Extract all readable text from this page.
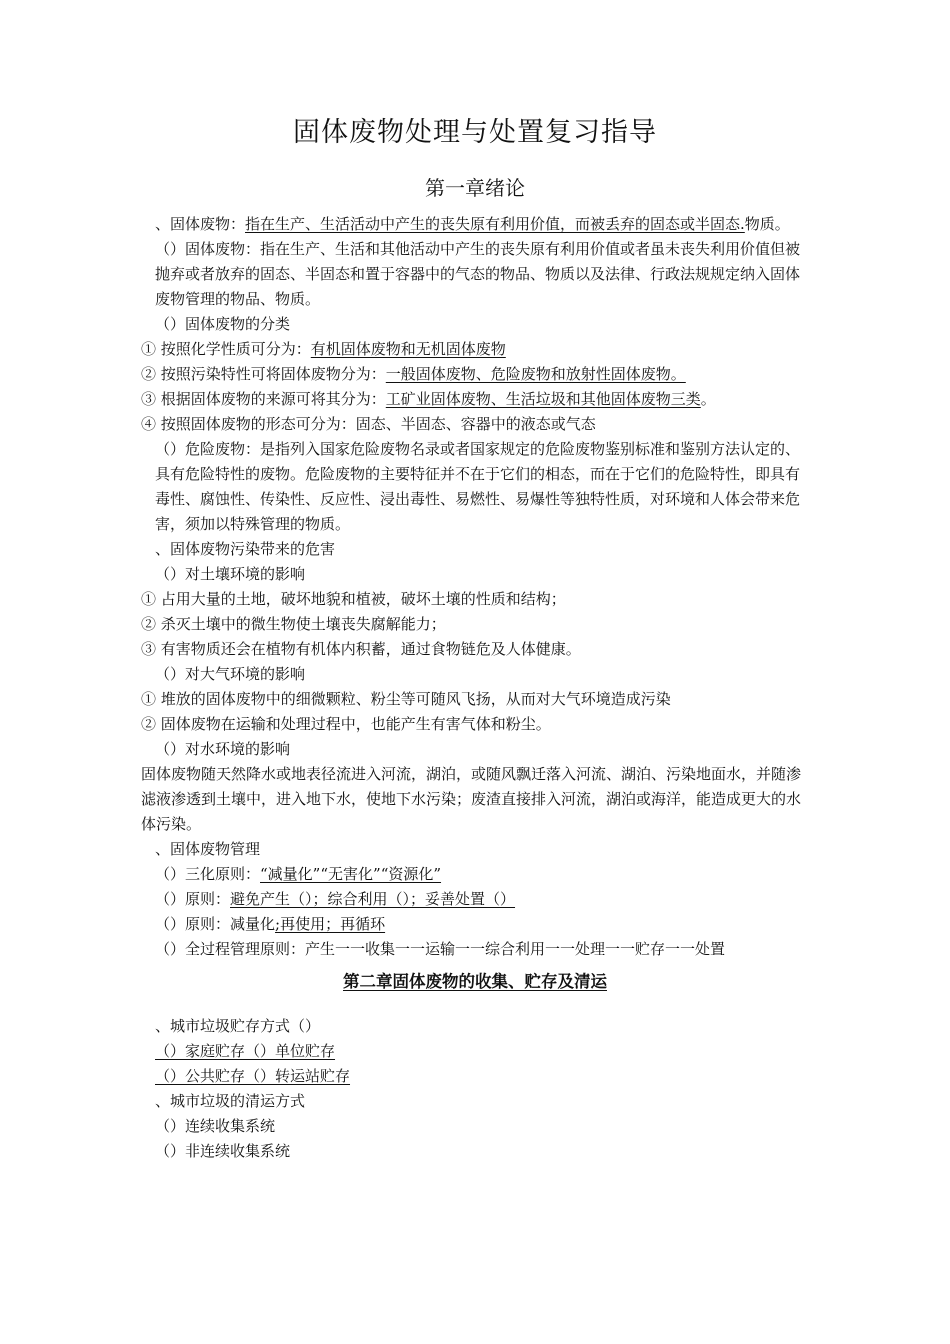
固体废物处理与处置复习指导
第一章绪论

、固体废物：指在生产、生活活动中产生的丧失原有利用价值，而被丢弃的固态或半固态.物质。

（）固体废物：指在生产、生活和其他活动中产生的丧失原有利用价值或者虽未丧失利用价值但被抛弃或者放弃的固态、半固态和置于容器中的气态的物品、物质以及法律、行政法规规定纳入固体废物管理的物品、物质。

（）固体废物的分类

① 按照化学性质可分为：有机固体废物和无机固体废物

② 按照污染特性可将固体废物分为：一般固体废物、危险废物和放射性固体废物。

③ 根据固体废物的来源可将其分为：工矿业固体废物、生活垃圾和其他固体废物三类。

④ 按照固体废物的形态可分为：固态、半固态、容器中的液态或气态

（）危险废物：是指列入国家危险废物名录或者国家规定的危险废物鉴别标准和鉴别方法认定的、具有危险特性的废物。危险废物的主要特征并不在于它们的相态，而在于它们的危险特性，即具有毒性、腐蚀性、传染性、反应性、浸出毒性、易燃性、易爆性等独特性质，对环境和人体会带来危害，须加以特殊管理的物质。

、固体废物污染带来的危害

（）对土壤环境的影响

① 占用大量的土地，破坏地貌和植被，破坏土壤的性质和结构；

② 杀灭土壤中的微生物使土壤丧失腐解能力；

③ 有害物质还会在植物有机体内积蓄，通过食物链危及人体健康。

（）对大气环境的影响

① 堆放的固体废物中的细微颗粒、粉尘等可随风飞扬，从而对大气环境造成污染

② 固体废物在运输和处理过程中，也能产生有害气体和粉尘。

（）对水环境的影响

固体废物随天然降水或地表径流进入河流，湖泊，或随风飘迁落入河流、湖泊、污染地面水，并随渗滤液渗透到土壤中，进入地下水，使地下水污染；废渣直接排入河流，湖泊或海洋，能造成更大的水体污染。

、固体废物管理

（）三化原则：“减量化”“无害化”“资源化”

（）原则：避免产生（）；综合利用（）；妥善处置（）

（）原则：减量化;再使用；再循环

（）全过程管理原则：产生一一收集一一运输一一综合利用一一处理一一贮存一一处置

第二章固体废物的收集、贮存及清运

、城市垃圾贮存方式（）

（）家庭贮存（）单位贮存

（）公共贮存（）转运站贮存

、城市垃圾的清运方式

（）连续收集系统

（）非连续收集系统
